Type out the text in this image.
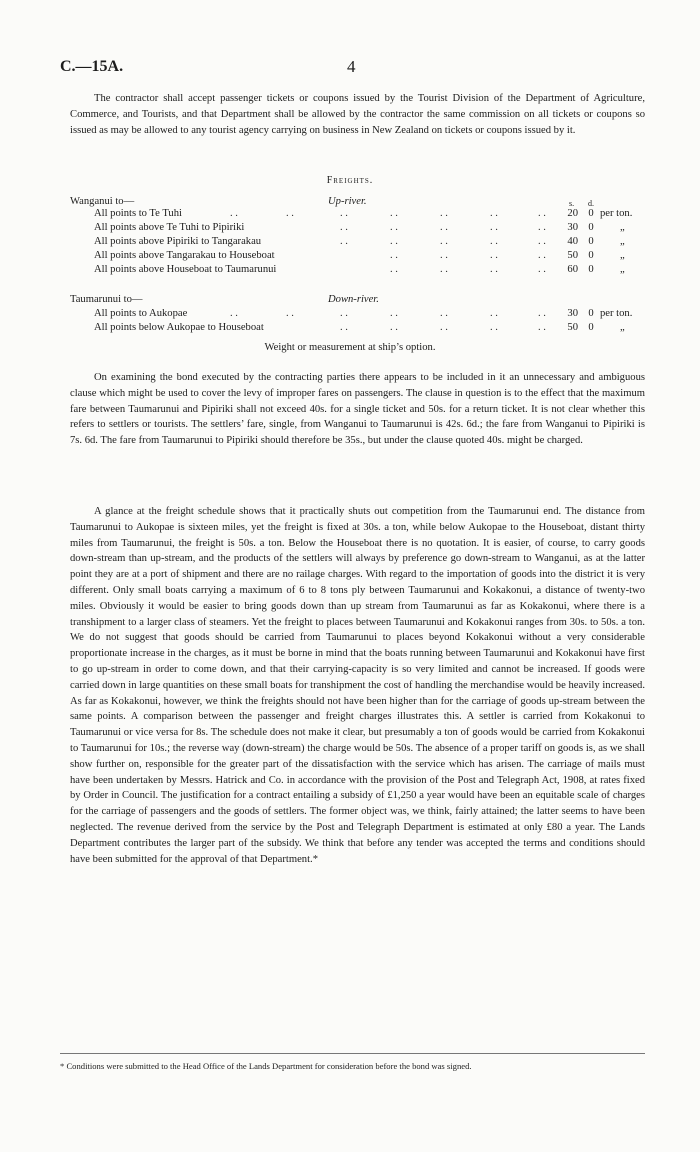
C.—15A.	4

The contractor shall accept passenger tickets or coupons issued by the Tourist Division of the Department of Agriculture, Commerce, and Tourists, and that Department shall be allowed by the contractor the same commission on all tickets or coupons so issued as may be allowed to any tourist agency carrying on business in New Zealand on tickets or coupons issued by it.

Freights.
Wanganui to—	Up-river.	s. d.
All points to Te Tuhi	. .	. .	. .	. .	. .	. .	. .	20 0 per ton.
All points above Te Tuhi to Pipiriki	. .	. .	. .	. .	. .	30 0 „
All points above Pipiriki to Tangarakau	. .	. .	. .	. .	. .	40 0 „
All points above Tangarakau to Houseboat	. .	. .	. .	. .	50 0 „
All points above Houseboat to Taumarunui	. .	. .	. .	. .	60 0 „
Taumarunui to—	Down-river.
All points to Aukopae	. .	. .	. .	. .	. .	. .	. .	30 0 per ton.
All points below Aukopae to Houseboat	. .	. .	. .	. .	. .	50 0 „
Weight or measurement at ship’s option.

On examining the bond executed by the contracting parties there appears to be included in it an unnecessary and ambiguous clause which might be used to cover the levy of improper fares on passengers. The clause in question is to the effect that the maximum fare between Taumarunui and Pipiriki shall not exceed 40s. for a single ticket and 50s. for a return ticket. It is not clear whether this refers to settlers or tourists. The settlers’ fare, single, from Wanganui to Taumarunui is 42s. 6d.; the fare from Wanganui to Pipiriki is 7s. 6d. The fare from Taumarunui to Pipiriki should therefore be 35s., but under the clause quoted 40s. might be charged.

A glance at the freight schedule shows that it practically shuts out competition from the Taumarunui end. The distance from Taumarunui to Aukopae is sixteen miles, yet the freight is fixed at 30s. a ton, while below Aukopae to the Houseboat, distant thirty miles from Taumarunui, the freight is 50s. a ton. Below the Houseboat there is no quotation. It is easier, of course, to carry goods down-stream than up-stream, and the products of the settlers will always by preference go down-stream to Wanganui, as at the latter point they are at a port of shipment and there are no railage charges. With regard to the importation of goods into the district it is very different. Only small boats carrying a maximum of 6 to 8 tons ply between Taumarunui and Kokakonui, a distance of twenty-two miles. Obviously it would be easier to bring goods down than up stream from Taumarunui as far as Kokakonui, where there is a transhipment to a larger class of steamers. Yet the freight to places between Taumarunui and Kokakonui ranges from 30s. to 50s. a ton. We do not suggest that goods should be carried from Taumarunui to places beyond Kokakonui without a very considerable proportionate increase in the charges, as it must be borne in mind that the boats running between Taumarunui and Kokakonui have first to go up-stream in order to come down, and that their carrying-capacity is so very limited and cannot be increased. If goods were carried down in large quantities on these small boats for transhipment the cost of handling the merchandise would be heavily increased. As far as Kokakonui, however, we think the freights should not have been higher than for the carriage of goods up-stream between the same points. A comparison between the passenger and freight charges illustrates this. A settler is carried from Kokakonui to Taumarunui or vice versa for 8s. The schedule does not make it clear, but presumably a ton of goods would be carried from Kokakonui to Taumarunui for 10s.; the reverse way (down-stream) the charge would be 50s. The absence of a proper tariff on goods is, as we shall show further on, responsible for the greater part of the dissatisfaction with the service which has arisen. The carriage of mails must have been undertaken by Messrs. Hatrick and Co. in accordance with the provision of the Post and Telegraph Act, 1908, at rates fixed by Order in Council. The justification for a contract entailing a subsidy of £1,250 a year would have been an equitable scale of charges for the carriage of passengers and the goods of settlers. The former object was, we think, fairly attained; the latter seems to have been neglected. The revenue derived from the service by the Post and Telegraph Department is estimated at only £80 a year. The Lands Department contributes the larger part of the subsidy. We think that before any tender was accepted the terms and conditions should have been submitted for the approval of that Department.*

* Conditions were submitted to the Head Office of the Lands Department for consideration before the bond was signed.
